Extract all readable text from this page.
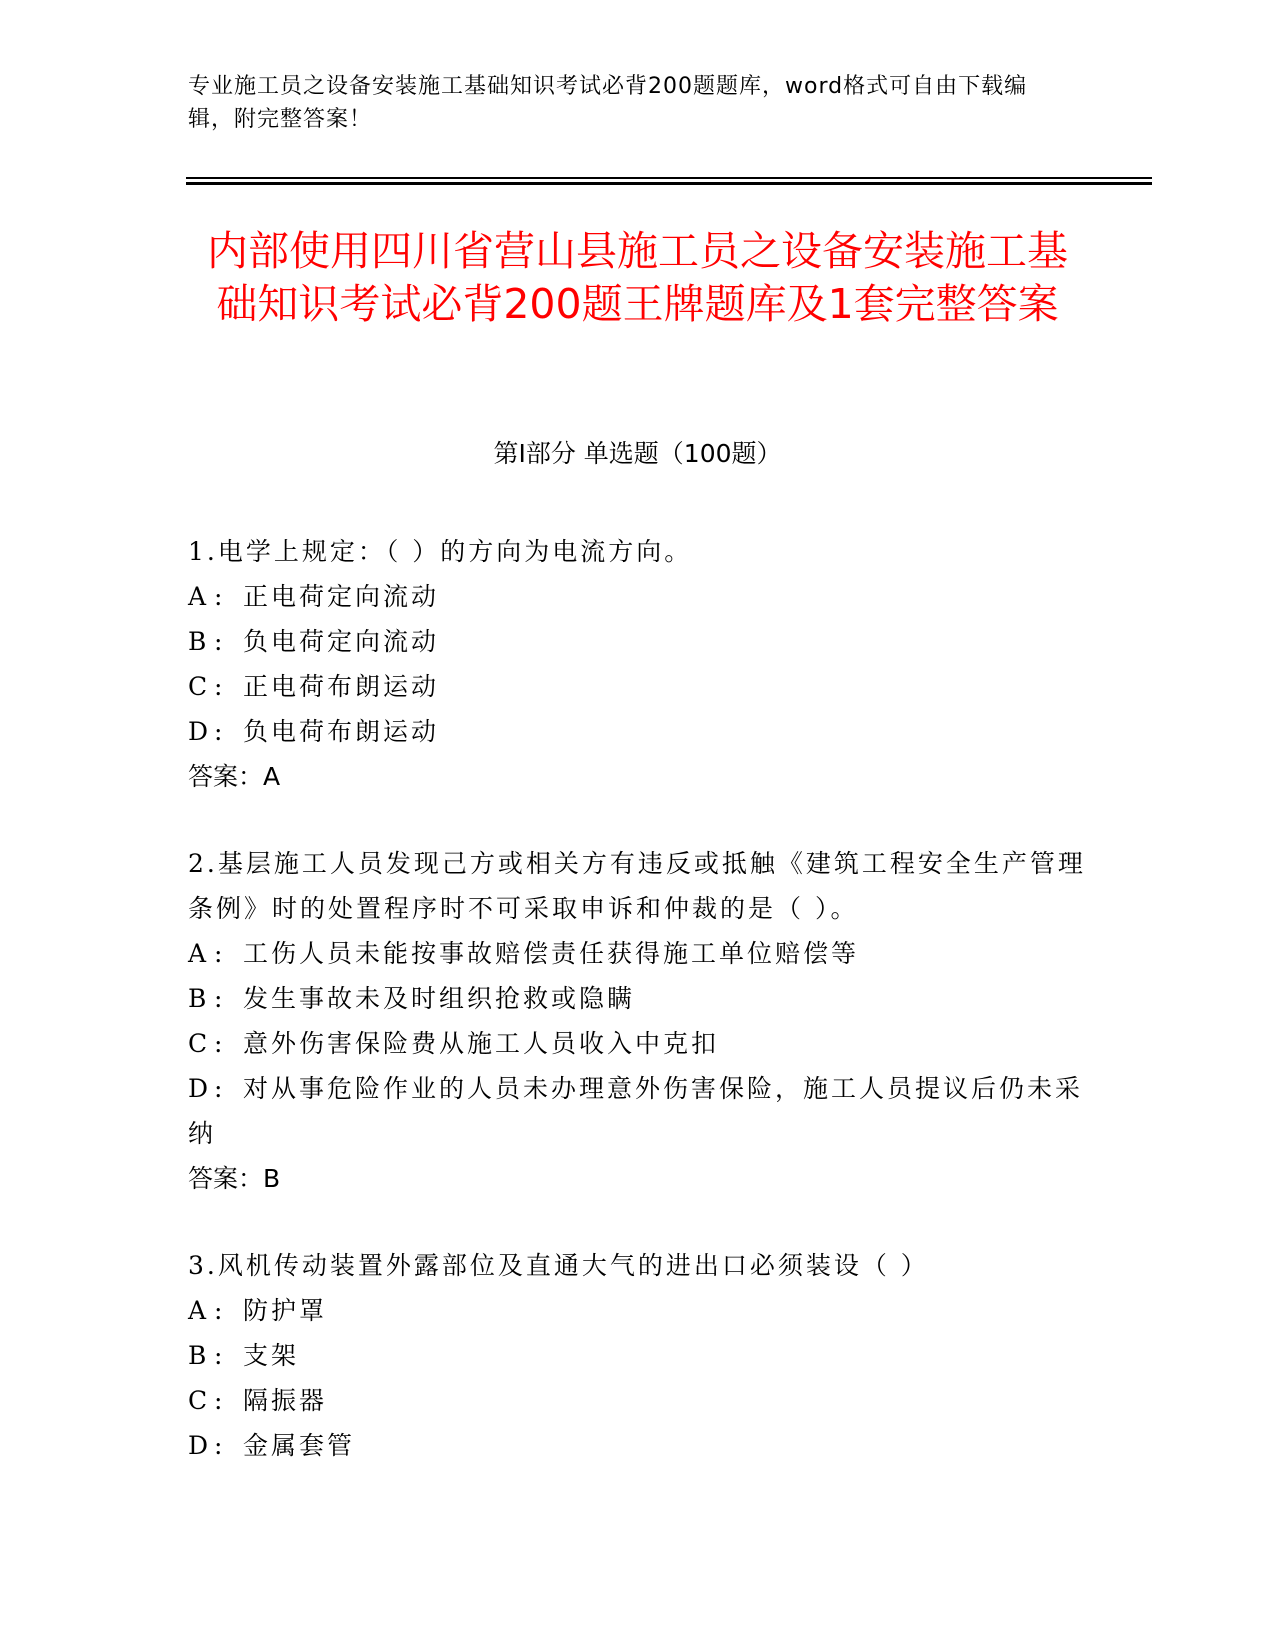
专业施工员之设备安装施工基础知识考试必背200题题库，word格式可自由下载编辑，附完整答案！
内部使用四川省营山县施工员之设备安装施工基础知识考试必背200题王牌题库及1套完整答案
第Ⅰ部分 单选题（100题）
1.电学上规定：（ ）的方向为电流方向。
A : 正电荷定向流动
B : 负电荷定向流动
C : 正电荷布朗运动
D : 负电荷布朗运动
答案：A
2.基层施工人员发现己方或相关方有违反或抵触《建筑工程安全生产管理条例》时的处置程序时不可采取申诉和仲裁的是（ ）。
A : 工伤人员未能按事故赔偿责任获得施工单位赔偿等
B : 发生事故未及时组织抢救或隐瞒
C : 意外伤害保险费从施工人员收入中克扣
D : 对从事危险作业的人员未办理意外伤害保险，施工人员提议后仍未采纳
答案：B
3.风机传动装置外露部位及直通大气的进出口必须装设（ ）
A : 防护罩
B : 支架
C : 隔振器
D : 金属套管
